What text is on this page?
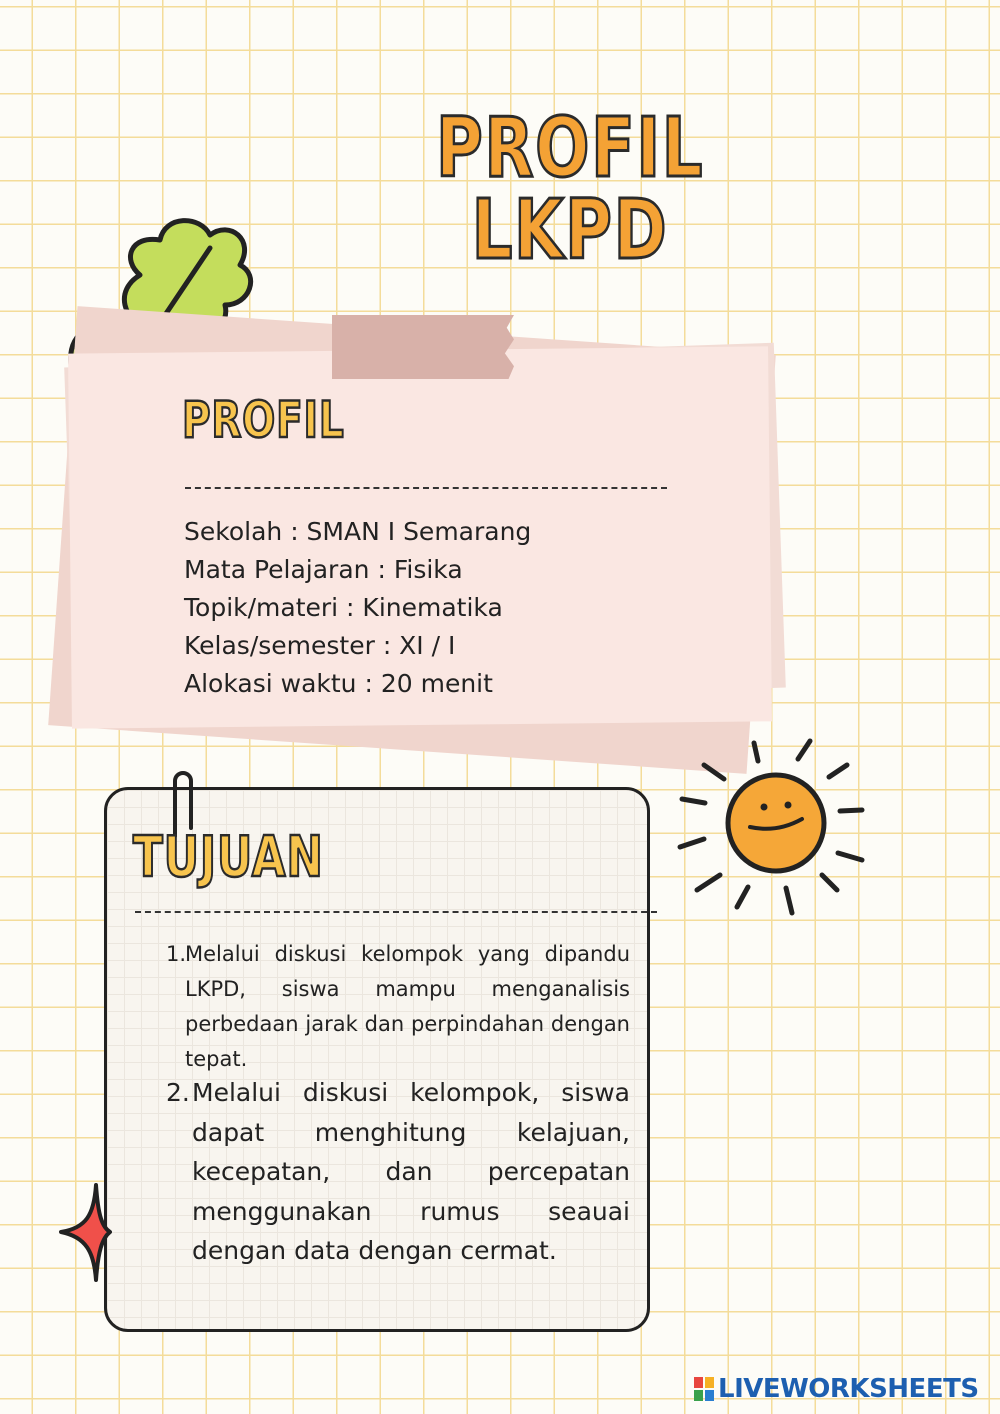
PROFIL LKPD
PROFIL
Sekolah : SMAN I Semarang
Mata Pelajaran : Fisika
Topik/materi : Kinematika
Kelas/semester : XI / I
Alokasi waktu : 20 menit
TUJUAN
1.
Melalui diskusi kelompok yang dipandu LKPD, siswa mampu menganalisis perbedaan jarak dan perpindahan dengan tepat.
2. Melalui diskusi kelompok, siswa dapat menghitung kelajuan, kecepatan, dan percepatan menggunakan rumus seauai dengan data dengan cermat.
LIVEWORKSHEETS
